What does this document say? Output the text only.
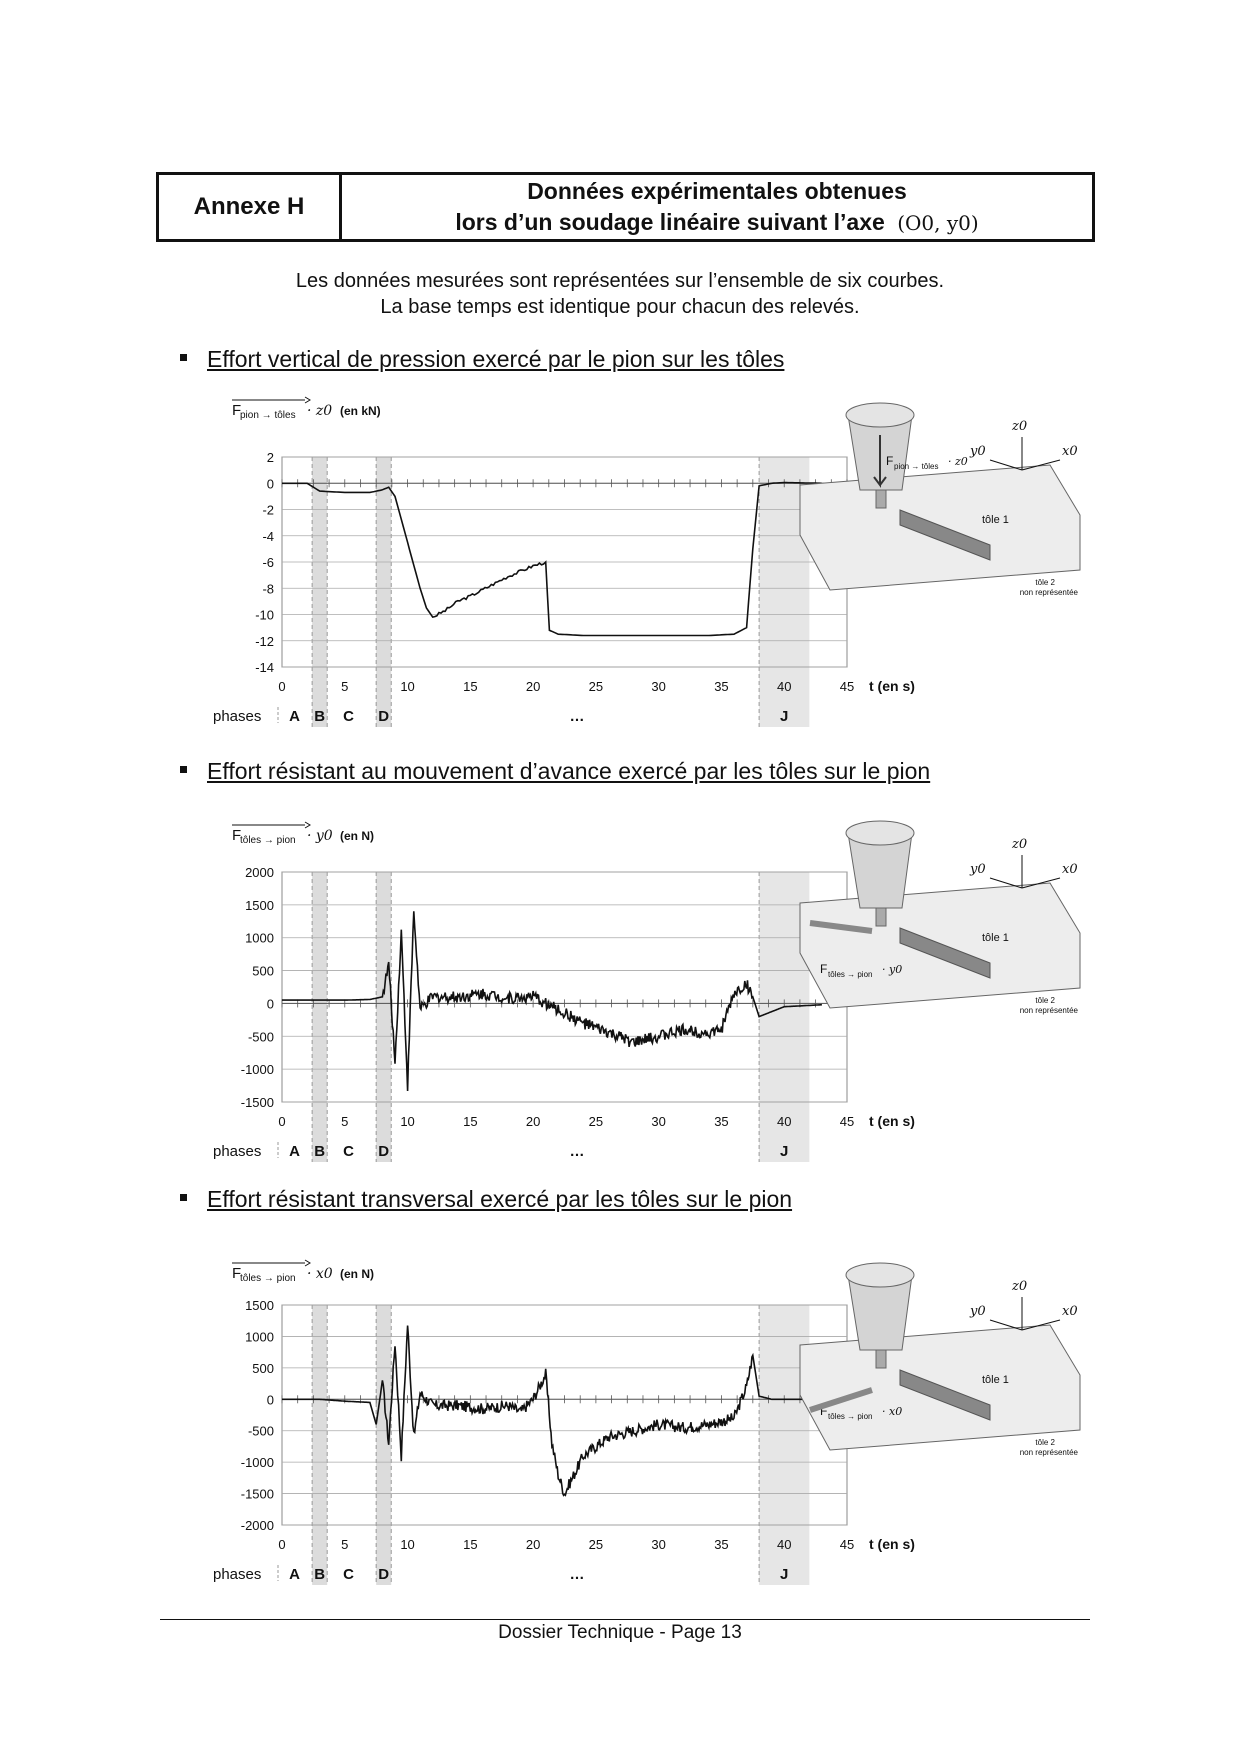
Annexe H
Données expérimentales obtenues
lors d’un soudage linéaire suivant l’axe (O0, y0)
Les données mesurées sont représentées sur l’ensemble de six courbes.
La base temps est identique pour chacun des relevés.
Effort vertical de pression exercé par le pion sur les tôles
Effort résistant au mouvement d’avance exercé par les tôles sur le pion
Effort résistant transversal exercé par les tôles sur le pion
F
pion → tôles · z0 (en kN)
2
0
-2
-4
-6
-8
-10
-12
-14
0	5	10	15	20	25	30	35	40	45 t (en s)
phases A B C D	…	J
tôle 1
tôle 2
non représentée
z0
y0	x0
F pion → tôles · z0
F
tôles → pion · y0 (en N)
2000
1500
1000
500
0
-500
-1000
-1500
0	5	10	15	20	25	30	35	40	45 t (en s)
phases A B C D	…	J
tôle 1
tôle 2
non représentée
z0
y0	x0
F tôles → pion · y0
F
tôles → pion · x0 (en N)
1500
1000
500
0
-500
-1000
-1500
-2000
0	5	10	15	20	25	30	35	40	45 t (en s)
phases A B C D	…	J
tôle 1
tôle 2
non représentée
z0
y0	x0
F tôles → pion · x0
Dossier Technique - Page 13
